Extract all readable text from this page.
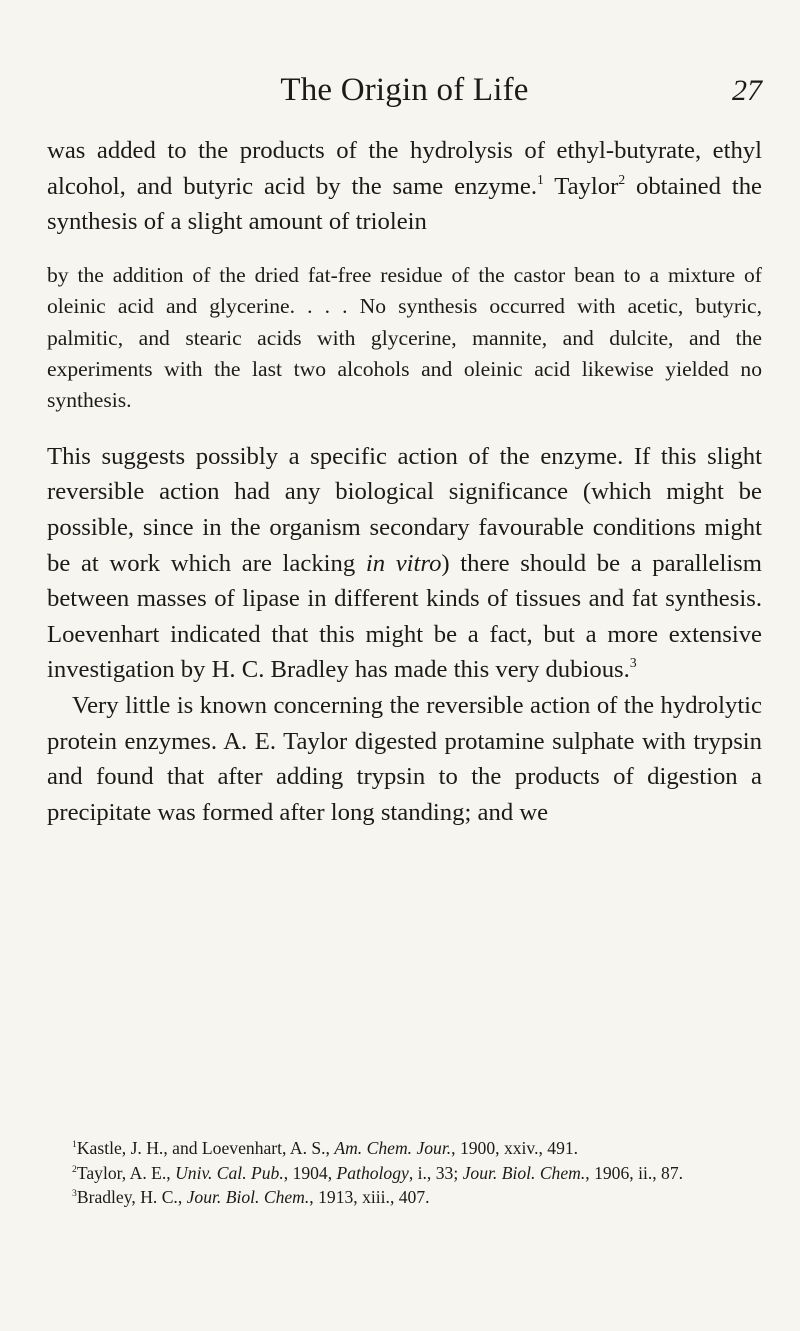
The Origin of Life	27

was added to the products of the hydrolysis of ethyl-butyrate, ethyl alcohol, and butyric acid by the same enzyme.$^1$ Taylor$^2$ obtained the synthesis of a slight amount of triolein

by the addition of the dried fat-free residue of the castor bean to a mixture of oleinic acid and glycerine. . . . No synthesis occurred with acetic, butyric, palmitic, and stearic acids with glycerine, mannite, and dulcite, and the experiments with the last two alcohols and oleinic acid likewise yielded no synthesis.

This suggests possibly a specific action of the enzyme. If this slight reversible action had any biological significance (which might be possible, since in the organism secondary favourable conditions might be at work which are lacking in vitro) there should be a parallelism between masses of lipase in different kinds of tissues and fat synthesis. Loevenhart indicated that this might be a fact, but a more extensive investigation by H. C. Bradley has made this very dubious.$^3$

Very little is known concerning the reversible action of the hydrolytic protein enzymes. A. E. Taylor digested protamine sulphate with trypsin and found that after adding trypsin to the products of digestion a precipitate was formed after long standing; and we

$^1$Kastle, J. H., and Loevenhart, A. S., Am. Chem. Jour., 1900, xxiv., 491.

$^2$Taylor, A. E., Univ. Cal. Pub., 1904, Pathology, i., 33; Jour. Biol. Chem., 1906, ii., 87.

$^3$Bradley, H. C., Jour. Biol. Chem., 1913, xiii., 407.
